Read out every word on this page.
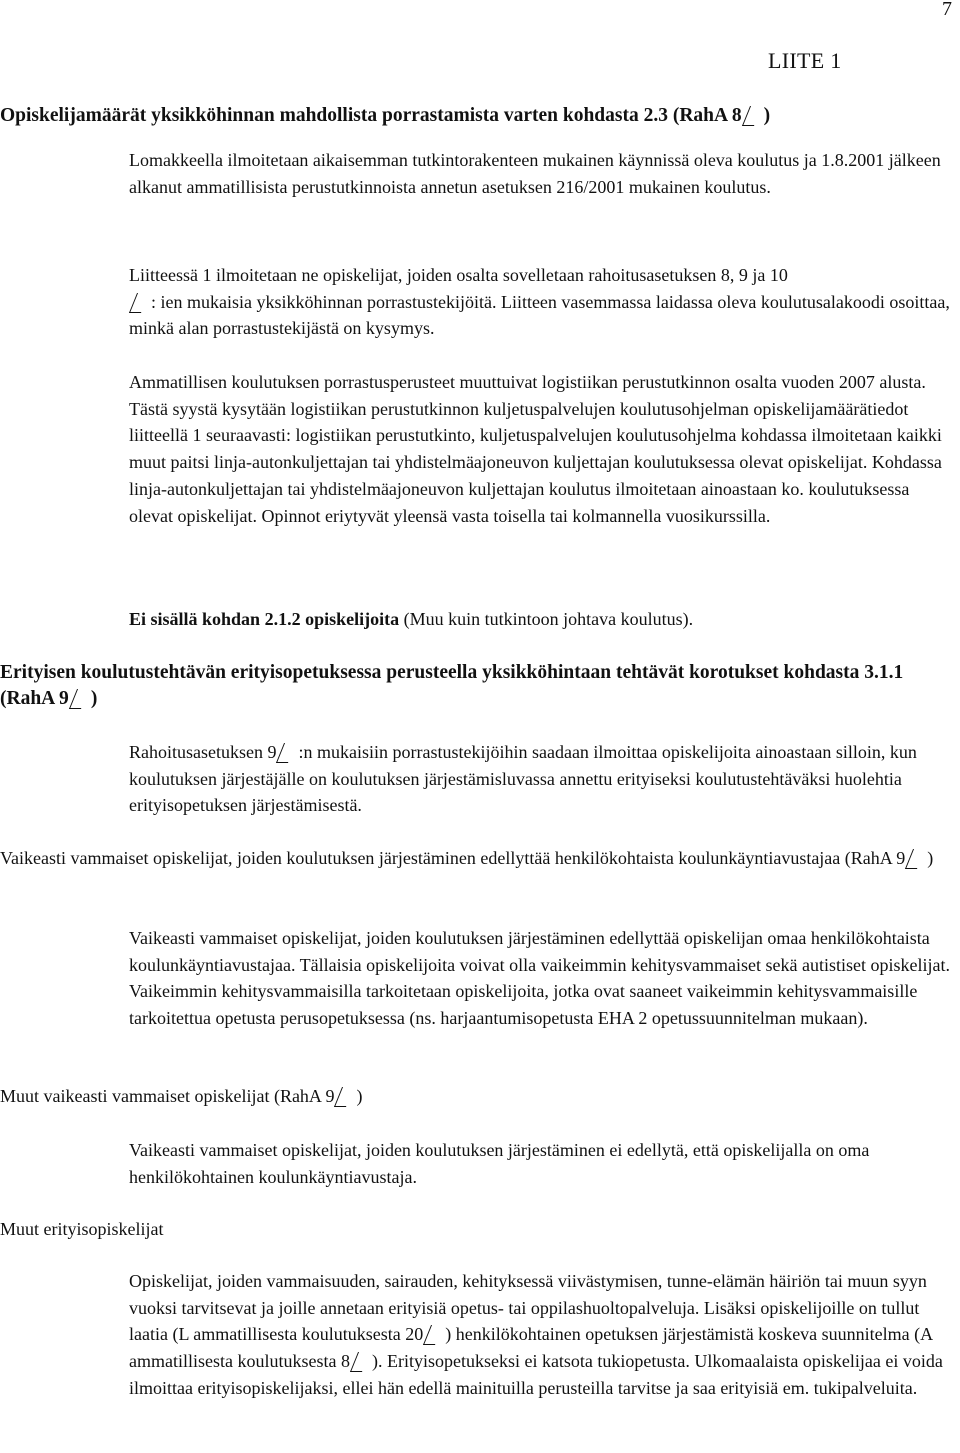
7
LIITE 1

Opiskelijamäärät yksikköhinnan mahdollista porrastamista varten kohdasta 2.3 (RahA 8 )

Lomakkeella ilmoitetaan aikaisemman tutkintorakenteen mukainen käynnissä oleva koulutus ja 1.8.2001 jälkeen alkanut ammatillisista perustutkinnoista annetun asetuksen 216/2001 mukainen koulutus.

Liitteessä 1 ilmoitetaan ne opiskelijat, joiden osalta sovelletaan rahoitusasetuksen 8, 9 ja 10
: ien mukaisia yksikköhinnan porrastustekijöitä. Liitteen vasemmassa laidassa oleva koulutusalakoodi osoittaa, minkä alan porrastustekijästä on kysymys.

Ammatillisen koulutuksen porrastusperusteet muuttuivat logistiikan perustutkinnon osalta vuoden 2007 alusta. Tästä syystä kysytään logistiikan perustutkinnon kuljetuspalvelujen koulutusohjelman opiskelijamäärätiedot liitteellä 1 seuraavasti: logistiikan perustutkinto, kuljetuspalvelujen koulutusohjelma kohdassa ilmoitetaan kaikki muut paitsi linja-autonkuljettajan tai yhdistelmäajoneuvon kuljettajan koulutuksessa olevat opiskelijat. Kohdassa linja-autonkuljettajan tai yhdistelmäajoneuvon kuljettajan koulutus ilmoitetaan ainoastaan ko. koulutuksessa olevat opiskelijat. Opinnot eriytyvät yleensä vasta toisella tai kolmannella vuosikurssilla.

Ei sisällä kohdan 2.1.2 opiskelijoita (Muu kuin tutkintoon johtava koulutus).

Erityisen koulutustehtävän erityisopetuksessa perusteella yksikköhintaan tehtävät korotukset kohdasta 3.1.1 (RahA 9 )

Rahoitusasetuksen 9 :n mukaisiin porrastustekijöihin saadaan ilmoittaa opiskelijoita ainoastaan silloin, kun koulutuksen järjestäjälle on koulutuksen järjestämisluvassa annettu erityiseksi koulutustehtäväksi huolehtia erityisopetuksen järjestämisestä.

Vaikeasti vammaiset opiskelijat, joiden koulutuksen järjestäminen edellyttää henkilökohtaista koulunkäyntiavustajaa (RahA 9 )

Vaikeasti vammaiset opiskelijat, joiden koulutuksen järjestäminen edellyttää opiskelijan omaa henkilökohtaista koulunkäyntiavustajaa. Tällaisia opiskelijoita voivat olla vaikeimmin kehitysvammaiset sekä autistiset opiskelijat. Vaikeimmin kehitysvammaisilla tarkoitetaan opiskelijoita, jotka ovat saaneet vaikeimmin kehitysvammaisille tarkoitettua opetusta perusopetuksessa (ns. harjaantumisopetusta EHA 2 opetussuunnitelman mukaan).

Muut vaikeasti vammaiset opiskelijat (RahA 9 )

Vaikeasti vammaiset opiskelijat, joiden koulutuksen järjestäminen ei edellytä, että opiskelijalla on oma henkilökohtainen koulunkäyntiavustaja.

Muut erityisopiskelijat

Opiskelijat, joiden vammaisuuden, sairauden, kehityksessä viivästymisen, tunne-elämän häiriön tai muun syyn vuoksi tarvitsevat ja joille annetaan erityisiä opetus- tai oppilashuoltopalveluja. Lisäksi opiskelijoille on tullut laatia (L ammatillisesta koulutuksesta 20 ) henkilökohtainen opetuksen järjestämistä koskeva suunnitelma (A ammatillisesta koulutuksesta 8 ). Erityisopetukseksi ei katsota tukiopetusta. Ulkomaalaista opiskelijaa ei voida ilmoittaa erityisopiskelijaksi, ellei hän edellä mainituilla perusteilla tarvitse ja saa erityisiä em. tukipalveluita.
